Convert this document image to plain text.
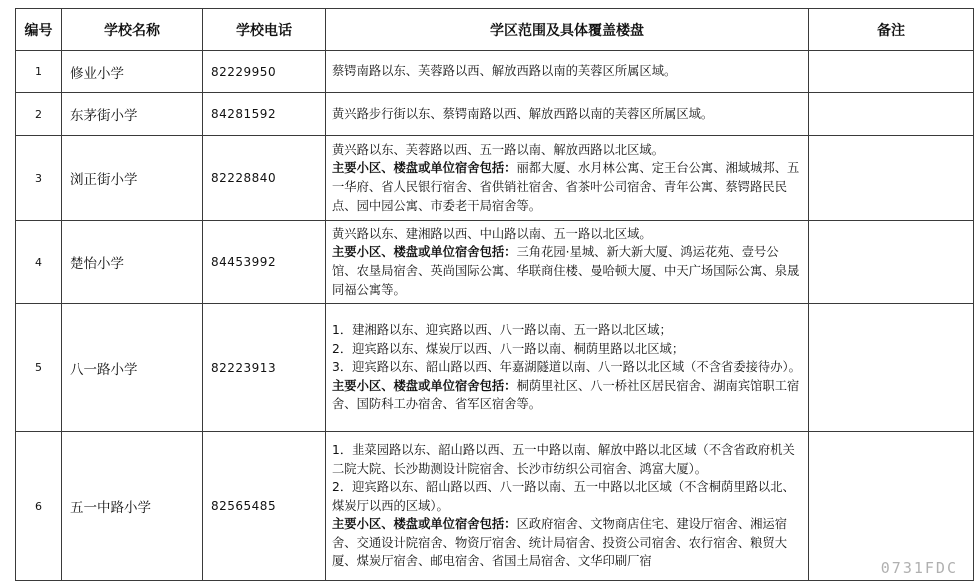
编号	学校名称	学校电话	学区范围及具体覆盖楼盘	备注
1	修业小学	82229950	蔡锷南路以东、芙蓉路以西、解放西路以南的芙蓉区所属区域。	

2	东茅街小学	84281592	黄兴路步行街以东、蔡锷南路以西、解放西路以南的芙蓉区所属区域。	

3	浏正街小学	82228840	黄兴路以东、芙蓉路以西、五一路以南、解放西路以北区域。

主要小区、楼盘或单位宿舍包括：丽都大厦、水月林公寓、定王台公寓、湘域城邦、五一华府、省人民银行宿舍、省供销社宿舍、省茶叶公司宿舍、青年公寓、蔡锷路民民点、园中园公寓、市委老干局宿舍等。	

4	楚怡小学	84453992	黄兴路以东、建湘路以西、中山路以南、五一路以北区域。

主要小区、楼盘或单位宿舍包括：三角花园·星城、新大新大厦、鸿运花苑、壹号公馆、农垦局宿舍、英尚国际公寓、华联商住楼、曼哈顿大厦、中天广场国际公寓、泉晟同福公寓等。	

5	八一路小学	82223913	1．建湘路以东、迎宾路以西、八一路以南、五一路以北区域；

2．迎宾路以东、煤炭厅以西、八一路以南、桐荫里路以北区域；

3．迎宾路以东、韶山路以西、年嘉湖隧道以南、八一路以北区域（不含省委接待办）。

主要小区、楼盘或单位宿舍包括：桐荫里社区、八一桥社区居民宿舍、湖南宾馆职工宿舍、国防科工办宿舍、省军区宿舍等。	

6	五一中路小学	82565485	1．韭菜园路以东、韶山路以西、五一中路以南、解放中路以北区域（不含省政府机关二院大院、长沙勘测设计院宿舍、长沙市纺织公司宿舍、鸿富大厦）。

2．迎宾路以东、韶山路以西、八一路以南、五一中路以北区域（不含桐荫里路以北、煤炭厅以西的区域）。

主要小区、楼盘或单位宿舍包括：区政府宿舍、文物商店住宅、建设厅宿舍、湘运宿舍、交通设计院宿舍、物资厅宿舍、统计局宿舍、投资公司宿舍、农行宿舍、粮贸大厦、煤炭厅宿舍、邮电宿舍、省国土局宿舍、文华印刷厂宿	

		0731FDC
